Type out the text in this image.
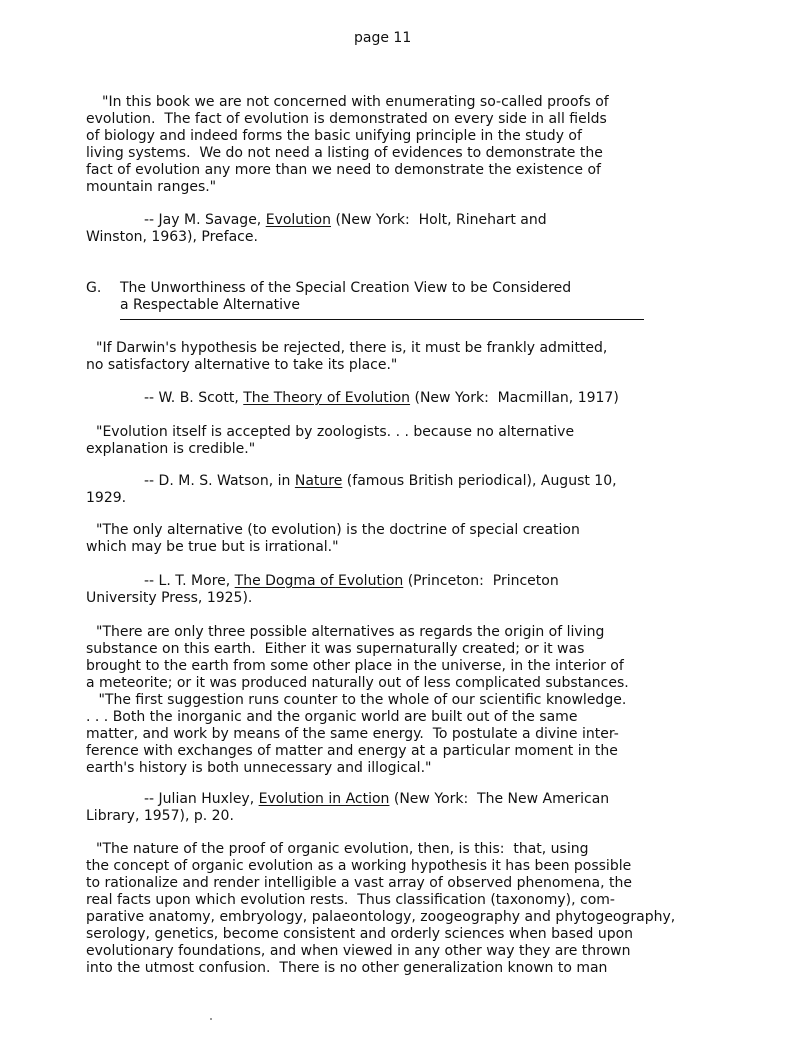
page 11
"In this book we are not concerned with enumerating so-called proofs of
evolution.  The fact of evolution is demonstrated on every side in all fields
of biology and indeed forms the basic unifying principle in the study of
living systems.  We do not need a listing of evidences to demonstrate the
fact of evolution any more than we need to demonstrate the existence of
mountain ranges."
-- Jay M. Savage, Evolution (New York:  Holt, Rinehart and
Winston, 1963), Preface.
G. The Unworthiness of the Special Creation View to be Considered
a Respectable Alternative
"If Darwin's hypothesis be rejected, there is, it must be frankly admitted,
no satisfactory alternative to take its place."
-- W. B. Scott, The Theory of Evolution (New York:  Macmillan, 1917)
"Evolution itself is accepted by zoologists. . . because no alternative
explanation is credible."
-- D. M. S. Watson, in Nature (famous British periodical), August 10,
1929.
"The only alternative (to evolution) is the doctrine of special creation
which may be true but is irrational."
-- L. T. More, The Dogma of Evolution (Princeton:  Princeton
University Press, 1925).
"There are only three possible alternatives as regards the origin of living
substance on this earth.  Either it was supernaturally created; or it was
brought to the earth from some other place in the universe, in the interior of
a meteorite; or it was produced naturally out of less complicated substances.
"The first suggestion runs counter to the whole of our scientific knowledge.
. . . Both the inorganic and the organic world are built out of the same
matter, and work by means of the same energy.  To postulate a divine inter-
ference with exchanges of matter and energy at a particular moment in the
earth's history is both unnecessary and illogical."
-- Julian Huxley, Evolution in Action (New York:  The New American
Library, 1957), p. 20.
"The nature of the proof of organic evolution, then, is this:  that, using
the concept of organic evolution as a working hypothesis it has been possible
to rationalize and render intelligible a vast array of observed phenomena, the
real facts upon which evolution rests.  Thus classification (taxonomy), com-
parative anatomy, embryology, palaeontology, zoogeography and phytogeography,
serology, genetics, become consistent and orderly sciences when based upon
evolutionary foundations, and when viewed in any other way they are thrown
into the utmost confusion.  There is no other generalization known to man
